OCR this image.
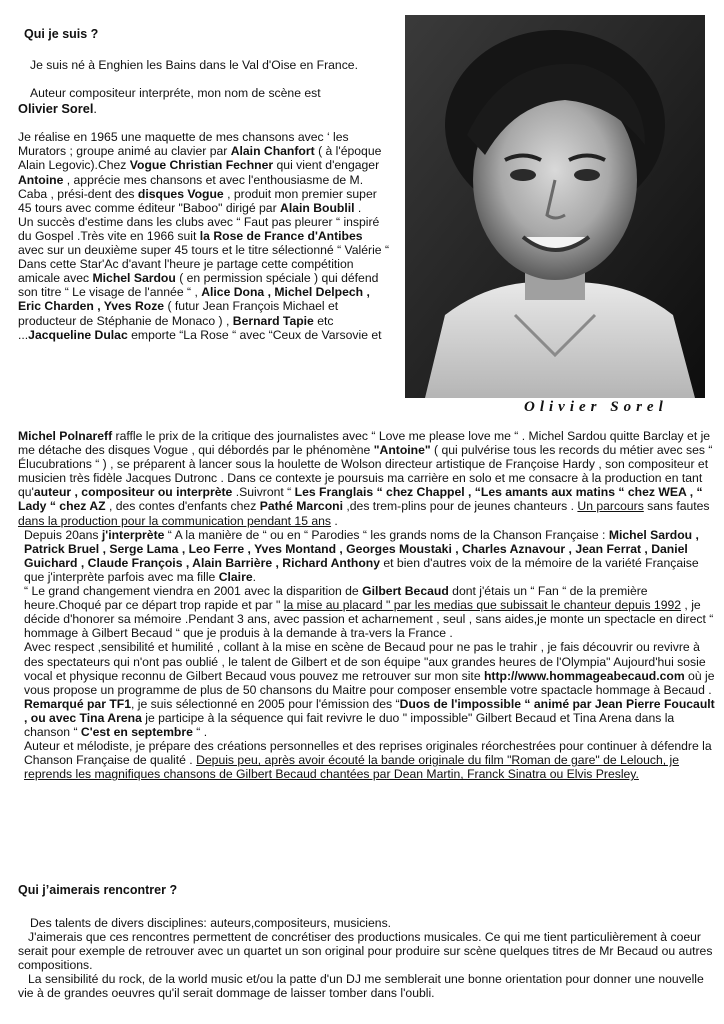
Qui je suis ?
Olivier Sorel

Je suis né à Enghien les Bains dans le Val d'Oise en France.

Auteur compositeur interpréte, mon nom de scène est

Olivier Sorel.

Je réalise en 1965 une maquette de mes chansons avec ‘ les Murators ; groupe animé au clavier par Alain Chanfort ( à l'époque Alain Legovic).Chez Vogue Christian Fechner qui vient d'engager Antoine , apprécie mes chansons et avec l'enthousiasme de M. Caba , prési-dent des disques Vogue , produit mon premier super 45 tours avec comme éditeur "Baboo" dirigé par Alain Boublil .

Un succès d'estime dans les clubs avec “ Faut pas pleurer “ inspiré du Gospel .Très vite en 1966 suit la Rose de France d'Antibes avec sur un deuxième super 45 tours et le titre sélectionné “ Valérie “ Dans cette Star'Ac d'avant l'heure je partage cette compétition amicale avec Michel Sardou ( en permission spéciale ) qui défend son titre “ Le visage de l'année “ , Alice Dona , Michel Delpech , Eric Charden , Yves Roze ( futur Jean François Michael et producteur de Stéphanie de Monaco ) , Bernard Tapie etc ...Jacqueline Dulac emporte “La Rose “ avec “Ceux de Varsovie et

Michel Polnareff raffle le prix de la critique des journalistes avec “ Love me please love me “ . Michel Sardou quitte Barclay et je me détache des disques Vogue , qui débordés par le phénomène "Antoine" ( qui pulvérise tous les records du métier avec ses “ Élucubrations “ ) , se préparent à lancer sous la houlette de Wolson directeur artistique de Françoise Hardy , son compositeur et musicien très fidèle Jacques Dutronc . Dans ce contexte je poursuis ma carrière en solo et me consacre à la production en tant qu'auteur , compositeur ou interprète .Suivront “ Les Franglais “ chez Chappel , “Les amants aux matins “ chez WEA , “ Lady “ chez AZ , des contes d'enfants chez Pathé Marconi ,des trem-plins pour de jeunes chanteurs . Un parcours sans fautes dans la production pour la communication pendant 15 ans .

Depuis 20ans j'interprète “ A la manière de “ ou en “ Parodies “ les grands noms de la Chanson Française : Michel Sardou , Patrick Bruel , Serge Lama , Leo Ferre , Yves Montand , Georges Moustaki , Charles Aznavour , Jean Ferrat , Daniel Guichard , Claude François , Alain Barrière , Richard Anthony et bien d'autres voix de la mémoire de la variété Française que j'interprète parfois avec ma fille Claire.

“ Le grand changement viendra en 2001 avec la disparition de Gilbert Becaud dont j'étais un “ Fan “ de la première heure.Choqué par ce départ trop rapide et par " la mise au placard " par les medias que subissait le chanteur depuis 1992 , je décide d'honorer sa mémoire .Pendant 3 ans, avec passion et acharnement , seul , sans aides,je monte un spectacle en direct “ hommage à Gilbert Becaud “ que je produis à la demande à tra-vers la France .

Avec respect ,sensibilité et humilité , collant à la mise en scène de Becaud pour ne pas le trahir , je fais découvrir ou revivre à des spectateurs qui n'ont pas oublié , le talent de Gilbert et de son équipe "aux grandes heures de l'Olympia" Aujourd'hui sosie vocal et physique reconnu de Gilbert Becaud vous pouvez me retrouver sur mon site http://www.hommageabecaud.com où je vous propose un programme de plus de 50 chansons du Maitre pour composer ensemble votre spactacle hommage à Becaud .

Remarqué par TF1, je suis sélectionné en 2005 pour l'émission des “Duos de l'impossible “ animé par Jean Pierre Foucault , ou avec Tina Arena je participe à la séquence qui fait revivre le duo " impossible" Gilbert Becaud et Tina Arena dans la chanson “ C'est en septembre “ .

Auteur et mélodiste, je prépare des créations personnelles et des reprises originales réorchestrées pour continuer à défendre la Chanson Française de qualité . Depuis peu, après avoir écouté la bande originale du film "Roman de gare" de Lelouch, je reprends les magnifiques chansons de Gilbert Becaud chantées par Dean Martin, Franck Sinatra ou Elvis Presley.

Qui j’aimerais rencontrer ?

Des talents de divers disciplines: auteurs,compositeurs, musiciens.

J'aimerais que ces rencontres permettent de concrétiser des productions musicales. Ce qui me tient particulièrement à coeur serait pour exemple de retrouver avec un quartet un son original pour produire sur scène quelques titres de Mr Becaud ou autres compositions.

La sensibilité du rock, de la world music et/ou la patte d'un DJ me semblerait une bonne orientation pour donner une nouvelle vie à de grandes oeuvres qu'il serait dommage de laisser tomber dans l'oubli.
